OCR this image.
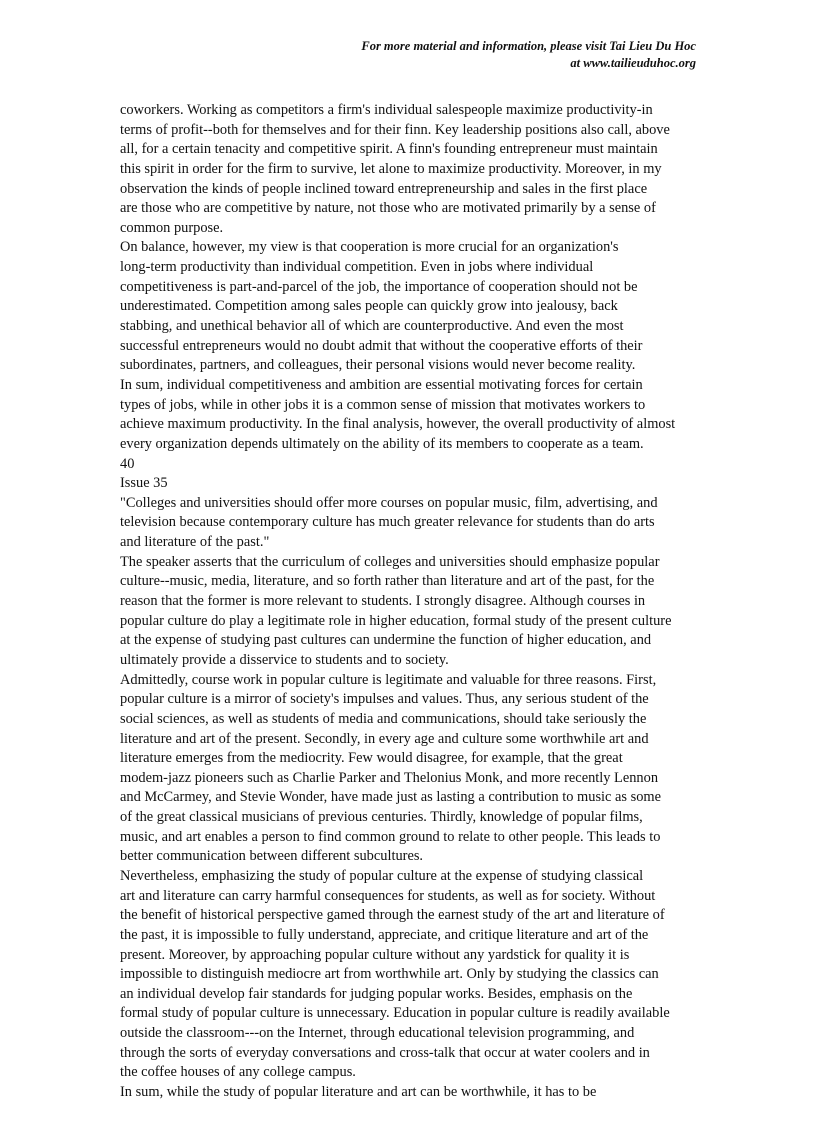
For more material and information, please visit Tai Lieu Du Hoc
at www.tailieuduhoc.org
coworkers. Working as competitors a firm's individual salespeople maximize productivity-in
terms of profit--both for themselves and for their finn. Key leadership positions also call, above
all, for a certain tenacity and competitive spirit. A finn's founding entrepreneur must maintain
this spirit in order for the firm to survive, let alone to maximize productivity. Moreover, in my
observation the kinds of people inclined toward entrepreneurship and sales in the first place
are those who are competitive by nature, not those who are motivated primarily by a sense of
common purpose.
On balance, however, my view is that cooperation is more crucial for an organization's
long-term productivity than individual competition. Even in jobs where individual
competitiveness is part-and-parcel of the job, the importance of cooperation should not be
underestimated. Competition among sales people can quickly grow into jealousy, back
stabbing, and unethical behavior all of which are counterproductive. And even the most
successful entrepreneurs would no doubt admit that without the cooperative efforts of their
subordinates, partners, and colleagues, their personal visions would never become reality.
In sum, individual competitiveness and ambition are essential motivating forces for certain
types of jobs, while in other jobs it is a common sense of mission that motivates workers to
achieve maximum productivity. In the final analysis, however, the overall productivity of almost
every organization depends ultimately on the ability of its members to cooperate as a team.
40
Issue 35
"Colleges and universities should offer more courses on popular music, film, advertising, and
television because contemporary culture has much greater relevance for students than do arts
and literature of the past."
The speaker asserts that the curriculum of colleges and universities should emphasize popular
culture--music, media, literature, and so forth rather than literature and art of the past, for the
reason that the former is more relevant to students. I strongly disagree. Although courses in
popular culture do play a legitimate role in higher education, formal study of the present culture
at the expense of studying past cultures can undermine the function of higher education, and
ultimately provide a disservice to students and to society.
Admittedly, course work in popular culture is legitimate and valuable for three reasons. First,
popular culture is a mirror of society's impulses and values. Thus, any serious student of the
social sciences, as well as students of media and communications, should take seriously the
literature and art of the present. Secondly, in every age and culture some worthwhile art and
literature emerges from the mediocrity. Few would disagree, for example, that the great
modem-jazz pioneers such as Charlie Parker and Thelonius Monk, and more recently Lennon
and McCarmey, and Stevie Wonder, have made just as lasting a contribution to music as some
of the great classical musicians of previous centuries. Thirdly, knowledge of popular films,
music, and art enables a person to find common ground to relate to other people. This leads to
better communication between different subcultures.
Nevertheless, emphasizing the study of popular culture at the expense of studying classical
art and literature can carry harmful consequences for students, as well as for society. Without
the benefit of historical perspective gamed through the earnest study of the art and literature of
the past, it is impossible to fully understand, appreciate, and critique literature and art of the
present. Moreover, by approaching popular culture without any yardstick for quality it is
impossible to distinguish mediocre art from worthwhile art. Only by studying the classics can
an individual develop fair standards for judging popular works. Besides, emphasis on the
formal study of popular culture is unnecessary. Education in popular culture is readily available
outside the classroom---on the Internet, through educational television programming, and
through the sorts of everyday conversations and cross-talk that occur at water coolers and in
the coffee houses of any college campus.
In sum, while the study of popular literature and art can be worthwhile, it has to be
